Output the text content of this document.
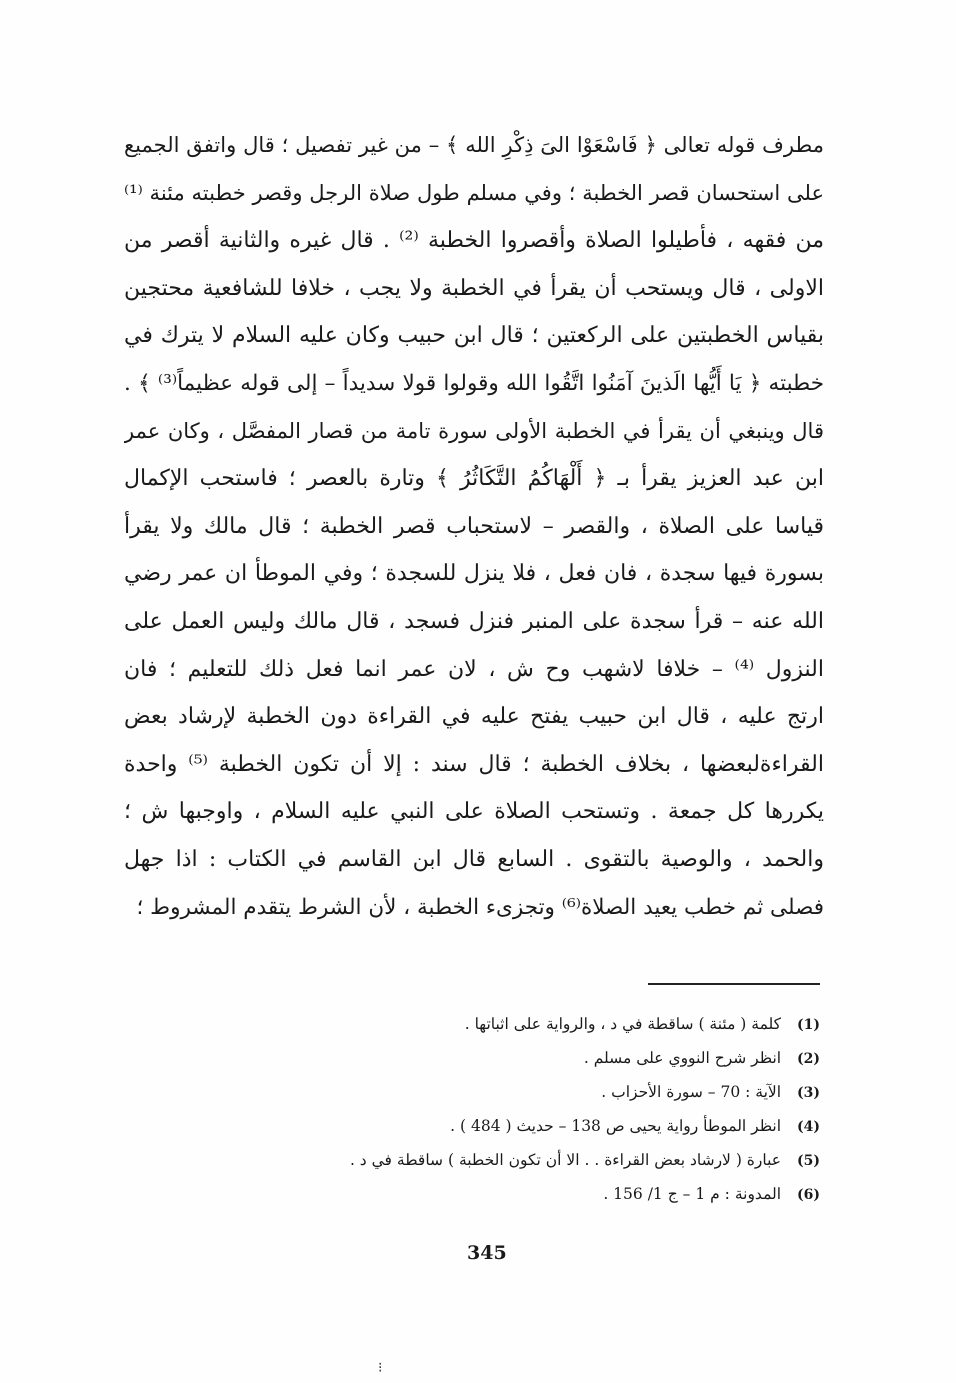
مطرف قوله تعالى ﴿ فَاسْعَوْا الىَ ذِكْرِ الله ﴾ – من غير تفصيل ؛ قال واتفق الجميع
على استحسان قصر الخطبة ؛ وفي مسلم طول صلاة الرجل وقصر خطبته مئنة ⁽¹⁾
من فقهه ، فأطيلوا الصلاة وأقصروا الخطبة ⁽²⁾ . قال غيره والثانية أقصر من
الاولى ، قال ويستحب أن يقرأ في الخطبة ولا يجب ، خلافا للشافعية محتجين
بقياس الخطبتين على الركعتين ؛ قال ابن حبيب وكان عليه السلام لا يترك في
خطبته ﴿ يَا أَيُّها الَذينَ آمَنُوا اتَّقُوا الله وقولوا قولا سديداً – إلى قوله عظيماً⁽³⁾ ﴾ .
قال وينبغي أن يقرأ في الخطبة الأولى سورة تامة من قصار المفصَّل ، وكان عمر
ابن عبد العزيز يقرأ بـ ﴿ أَلْهَاكُمُ التَّكَاثُرُ ﴾ وتارة بالعصر ؛ فاستحب الإكمال
قياسا على الصلاة ، والقصر – لاستحباب قصر الخطبة ؛ قال مالك ولا يقرأ
بسورة فيها سجدة ، فان فعل ، فلا ينزل للسجدة ؛ وفي الموطأ ان عمر رضي
الله عنه – قرأ سجدة على المنبر فنزل فسجد ، قال مالك وليس العمل على
النزول ⁽⁴⁾ – خلافا لاشهب وح ش ، لان عمر انما فعل ذلك للتعليم ؛ فان
ارتج عليه ، قال ابن حبيب يفتح عليه في القراءة دون الخطبة لإرشاد بعض
القراءةلبعضها ، بخلاف الخطبة ؛ قال سند : إلا أن تكون الخطبة ⁽⁵⁾ واحدة
يكررها كل جمعة . وتستحب الصلاة على النبي عليه السلام ، واوجبها ش ؛
والحمد ، والوصية بالتقوى . السابع قال ابن القاسم في الكتاب : اذا جهل
فصلى ثم خطب يعيد الصلاة⁽⁶⁾ وتجزىء الخطبة ، لأن الشرط يتقدم المشروط ؛
(1) كلمة ( مئنة ) ساقطة في د ، والرواية على اثباتها .
(2) انظر شرح النووي على مسلم .
(3) الآية : 70 – سورة الأحزاب .
(4) انظر الموطأ رواية يحيى ص 138 – حديث ( 484 ) .
(5) عبارة ( لارشاد بعض القراءة . . الا أن تكون الخطبة ) ساقطة في د .
(6) المدونة : م 1 – ج 1/ 156 .
345
⁝
